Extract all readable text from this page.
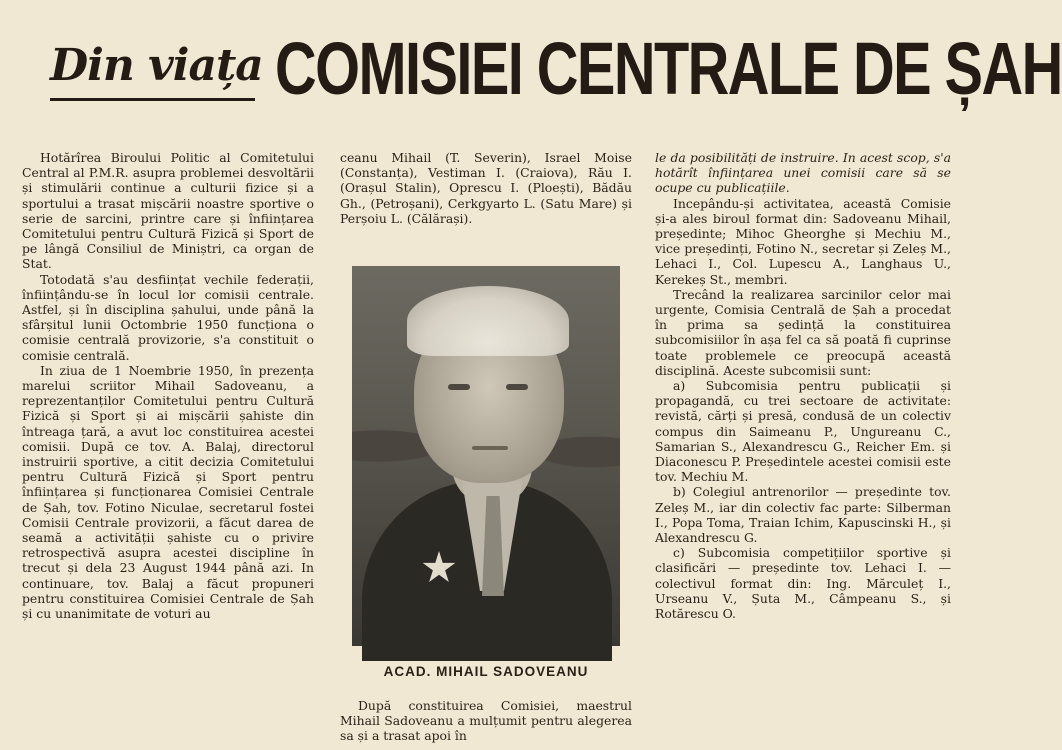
Din viața COMISIEI CENTRALE DE ȘAH

Hotărîrea Biroului Politic al Comitetului Central al P.M.R. asupra problemei desvoltării și stimulării continue a culturii fizice și a sportului a trasat mișcării noastre sportive o serie de sarcini, printre care și înființarea Comitetului pentru Cultură Fizică și Sport de pe lângă Consiliul de Miniștri, ca organ de Stat.

Totodată s'au desființat vechile federații, înființându-se în locul lor comisii centrale. Astfel, și în disciplina șahului, unde până la sfârșitul lunii Octombrie 1950 funcționa o comisie centrală provizorie, s'a constituit o comisie centrală.

In ziua de 1 Noembrie 1950, în prezența marelui scriitor Mihail Sadoveanu, a reprezentanților Comitetului pentru Cultură Fizică și Sport și ai mișcării șahiste din întreaga țară, a avut loc constituirea acestei comisii. După ce tov. A. Balaj, directorul instruirii sportive, a citit decizia Comitetului pentru Cultură Fizică și Sport pentru înființarea și funcționarea Comisiei Centrale de Șah, tov. Fotino Niculae, secretarul fostei Comisii Centrale provizorii, a făcut darea de seamă a activității șahiste cu o privire retrospectivă asupra acestei discipline în trecut și dela 23 August 1944 până azi. In continuare, tov. Balaj a făcut propuneri pentru constituirea Comisiei Centrale de Șah și cu unanimitate de voturi au

ceanu Mihail (T. Severin), Israel Moise (Constanța), Vestiman I. (Craiova), Rău I. (Orașul Stalin), Oprescu I. (Ploești), Bădău Gh., (Petroșani), Cerkgyarto L. (Satu Mare) și Perșoiu L. (Călărași).

ACAD. MIHAIL SADOVEANU

După constituirea Comisiei, maestrul Mihail Sadoveanu a mulțumit pentru alegerea sa și a trasat apoi în

le da posibilități de instruire. In acest scop, s'a hotărît înființarea unei comisii care să se ocupe cu publicațiile.

Incepându-și activitatea, această Comisie și-a ales biroul format din: Sadoveanu Mihail, președinte; Mihoc Gheorghe și Mechiu M., vice președinți, Fotino N., secretar și Zeleș M., Lehaci I., Col. Lupescu A., Langhaus U., Kerekeș St., membri.

Trecând la realizarea sarcinilor celor mai urgente, Comisia Centrală de Șah a procedat în prima sa ședință la constituirea subcomisiilor în așa fel ca să poată fi cuprinse toate problemele ce preocupă această disciplină. Aceste subcomisii sunt:

a) Subcomisia pentru publicații și propagandă, cu trei sectoare de activitate: revistă, cărți și presă, condusă de un colectiv compus din Saimeanu P., Ungureanu C., Samarian S., Alexandrescu G., Reicher Em. și Diaconescu P. Președintele acestei comisii este tov. Mechiu M.

b) Colegiul antrenorilor — președinte tov. Zeleș M., iar din colectiv fac parte: Silberman I., Popa Toma, Traian Ichim, Kapuscinski H., și Alexandrescu G.

c) Subcomisia competițiilor sportive și clasificări — președinte tov. Lehaci I. — colectivul format din: Ing. Mărculeț I., Urseanu V., Șuta M., Câmpeanu S., și Rotărescu O.
